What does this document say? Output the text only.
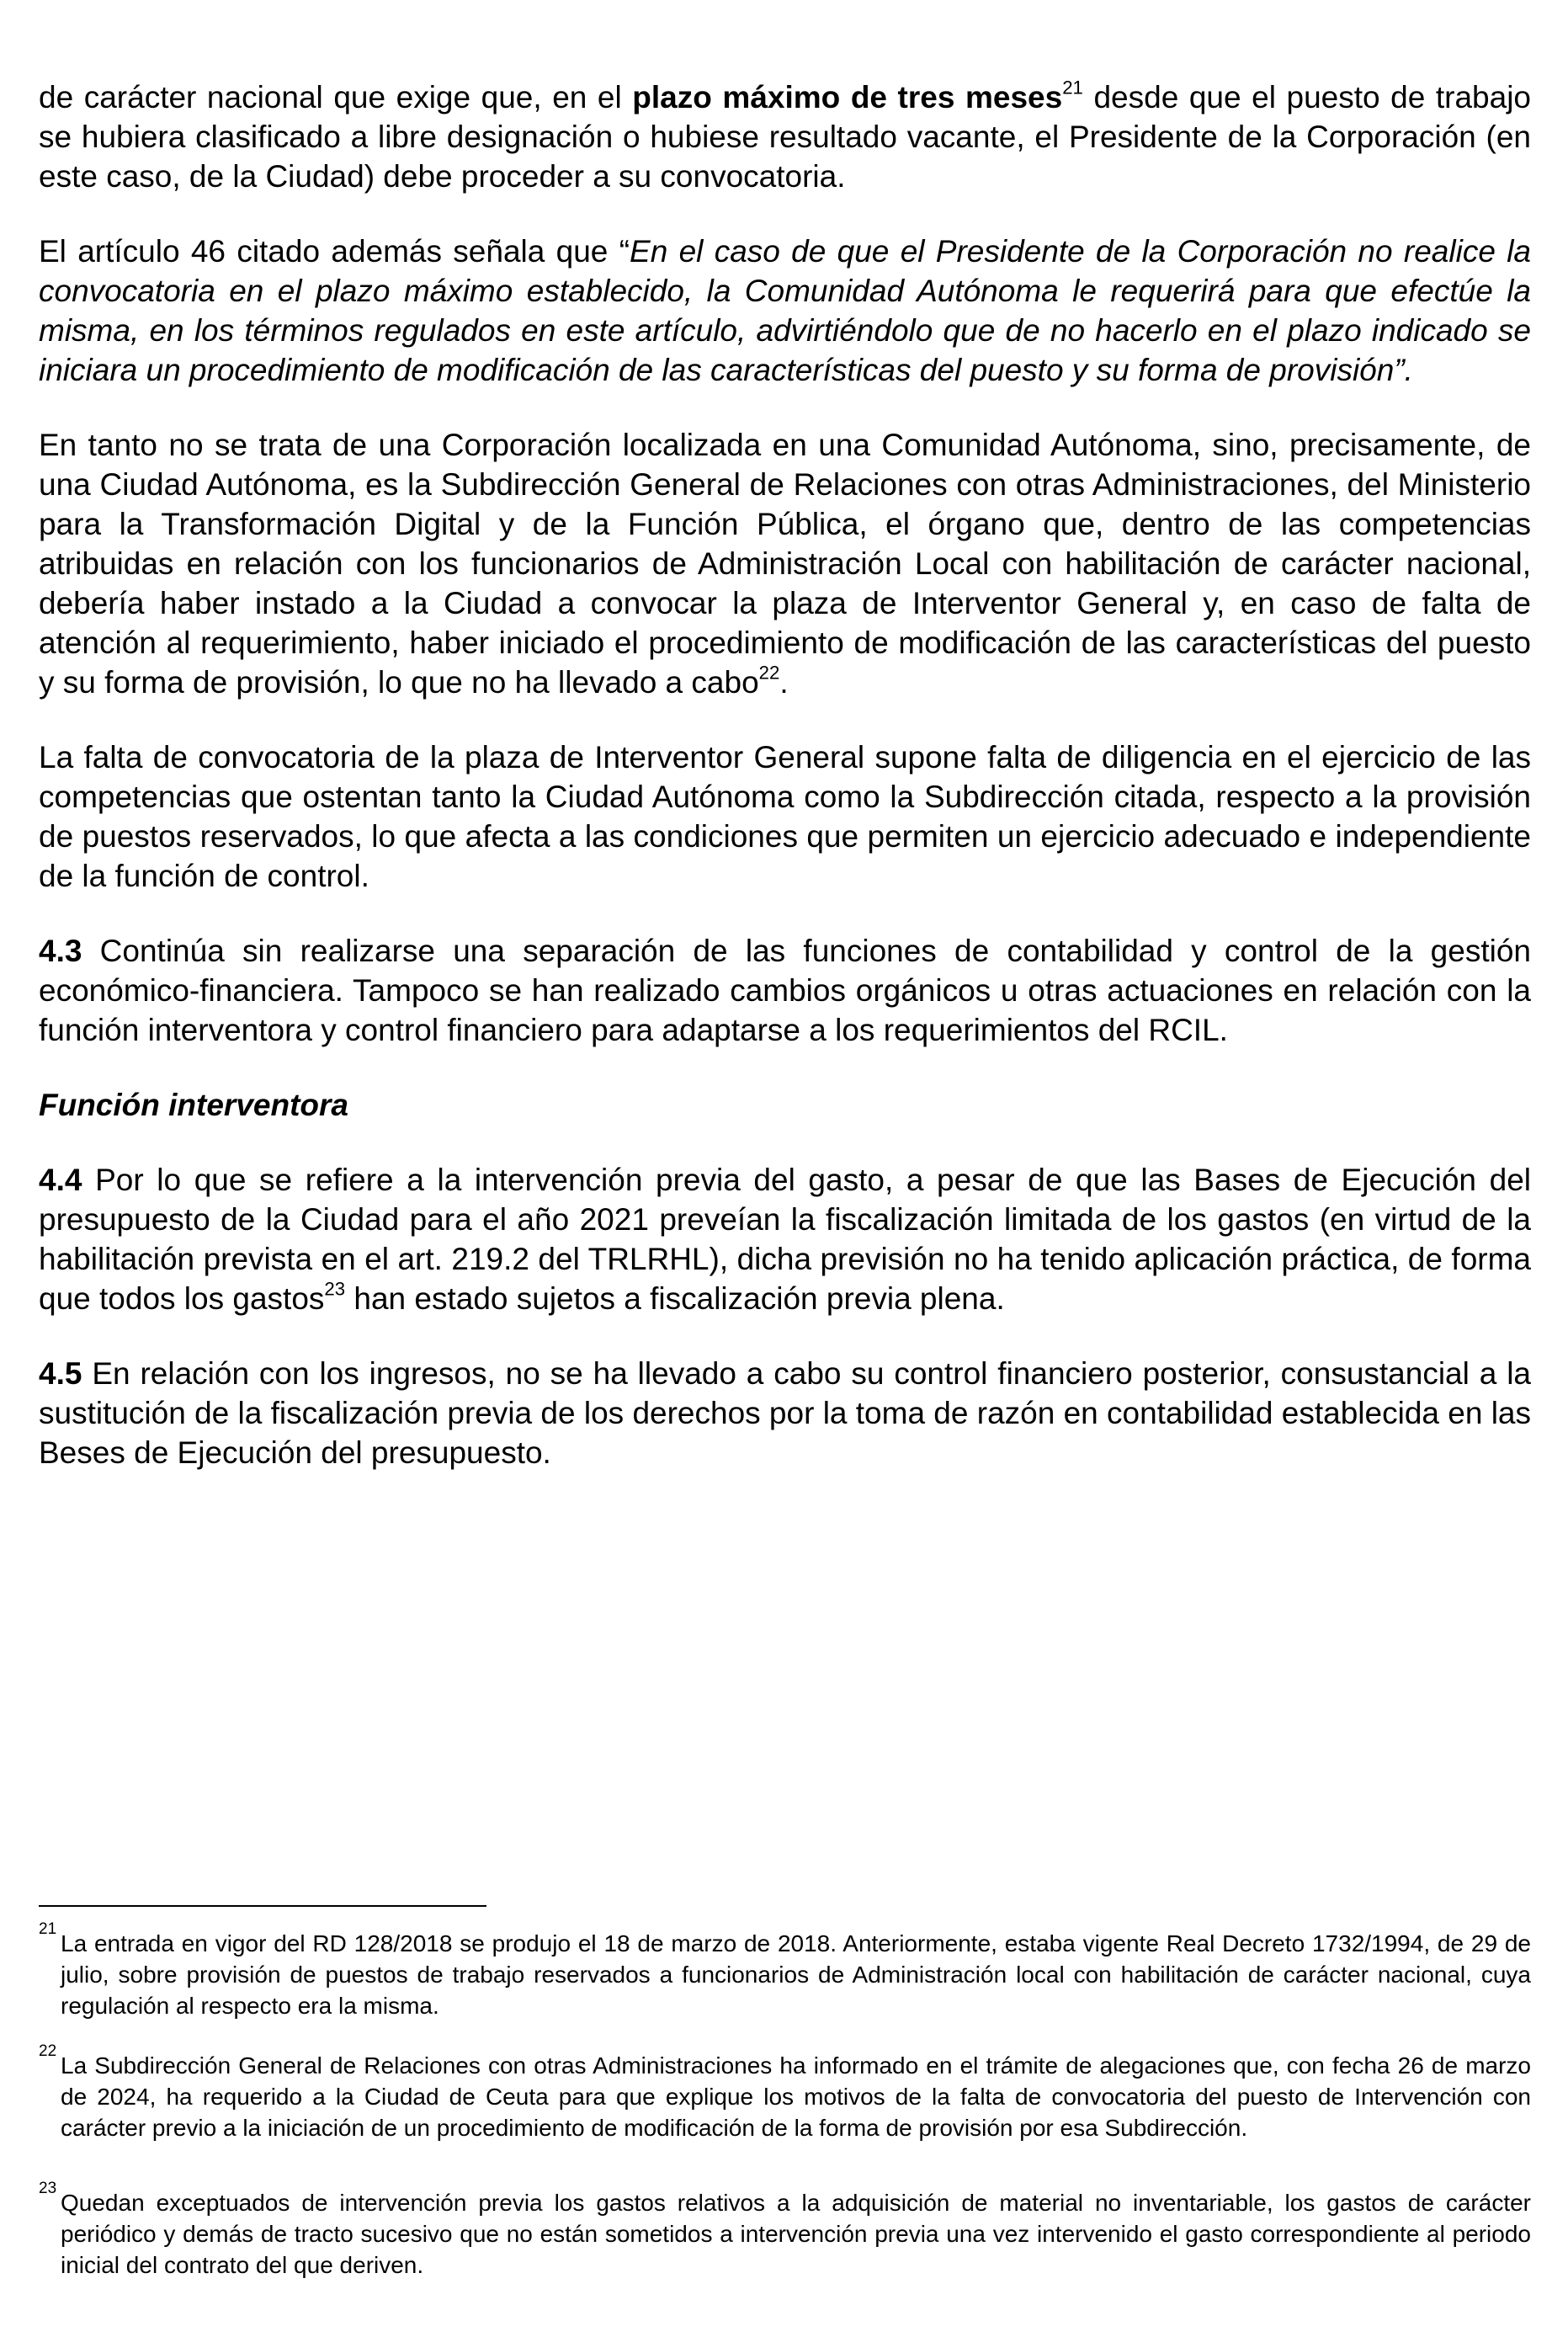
de carácter nacional que exige que, en el plazo máximo de tres meses$^{21}$ desde que el puesto de trabajo se hubiera clasificado a libre designación o hubiese resultado vacante, el Presidente de la Corporación (en este caso, de la Ciudad) debe proceder a su convocatoria.

El artículo 46 citado además señala que “En el caso de que el Presidente de la Corporación no realice la convocatoria en el plazo máximo establecido, la Comunidad Autónoma le requerirá para que efectúe la misma, en los términos regulados en este artículo, advirtiéndolo que de no hacerlo en el plazo indicado se iniciara un procedimiento de modificación de las características del puesto y su forma de provisión”.

En tanto no se trata de una Corporación localizada en una Comunidad Autónoma, sino, precisamente, de una Ciudad Autónoma, es la Subdirección General de Relaciones con otras Administraciones, del Ministerio para la Transformación Digital y de la Función Pública, el órgano que, dentro de las competencias atribuidas en relación con los funcionarios de Administración Local con habilitación de carácter nacional, debería haber instado a la Ciudad a convocar la plaza de Interventor General y, en caso de falta de atención al requerimiento, haber iniciado el procedimiento de modificación de las características del puesto y su forma de provisión, lo que no ha llevado a cabo$^{22}$.

La falta de convocatoria de la plaza de Interventor General supone falta de diligencia en el ejercicio de las competencias que ostentan tanto la Ciudad Autónoma como la Subdirección citada, respecto a la provisión de puestos reservados, lo que afecta a las condiciones que permiten un ejercicio adecuado e independiente de la función de control.

4.3 Continúa sin realizarse una separación de las funciones de contabilidad y control de la gestión económico-financiera. Tampoco se han realizado cambios orgánicos u otras actuaciones en relación con la función interventora y control financiero para adaptarse a los requerimientos del RCIL.

Función interventora

4.4 Por lo que se refiere a la intervención previa del gasto, a pesar de que las Bases de Ejecución del presupuesto de la Ciudad para el año 2021 preveían la fiscalización limitada de los gastos (en virtud de la habilitación prevista en el art. 219.2 del TRLRHL), dicha previsión no ha tenido aplicación práctica, de forma que todos los gastos$^{23}$ han estado sujetos a fiscalización previa plena.

4.5 En relación con los ingresos, no se ha llevado a cabo su control financiero posterior, consustancial a la sustitución de la fiscalización previa de los derechos por la toma de razón en contabilidad establecida en las Beses de Ejecución del presupuesto.

21
La entrada en vigor del RD 128/2018 se produjo el 18 de marzo de 2018. Anteriormente, estaba vigente Real Decreto 1732/1994, de 29 de julio, sobre provisión de puestos de trabajo reservados a funcionarios de Administración local con habilitación de carácter nacional, cuya regulación al respecto era la misma.
22
La Subdirección General de Relaciones con otras Administraciones ha informado en el trámite de alegaciones que, con fecha 26 de marzo de 2024, ha requerido a la Ciudad de Ceuta para que explique los motivos de la falta de convocatoria del puesto de Intervención con carácter previo a la iniciación de un procedimiento de modificación de la forma de provisión por esa Subdirección.
23
Quedan exceptuados de intervención previa los gastos relativos a la adquisición de material no inventariable, los gastos de carácter periódico y demás de tracto sucesivo que no están sometidos a intervención previa una vez intervenido el gasto correspondiente al periodo inicial del contrato del que deriven.
